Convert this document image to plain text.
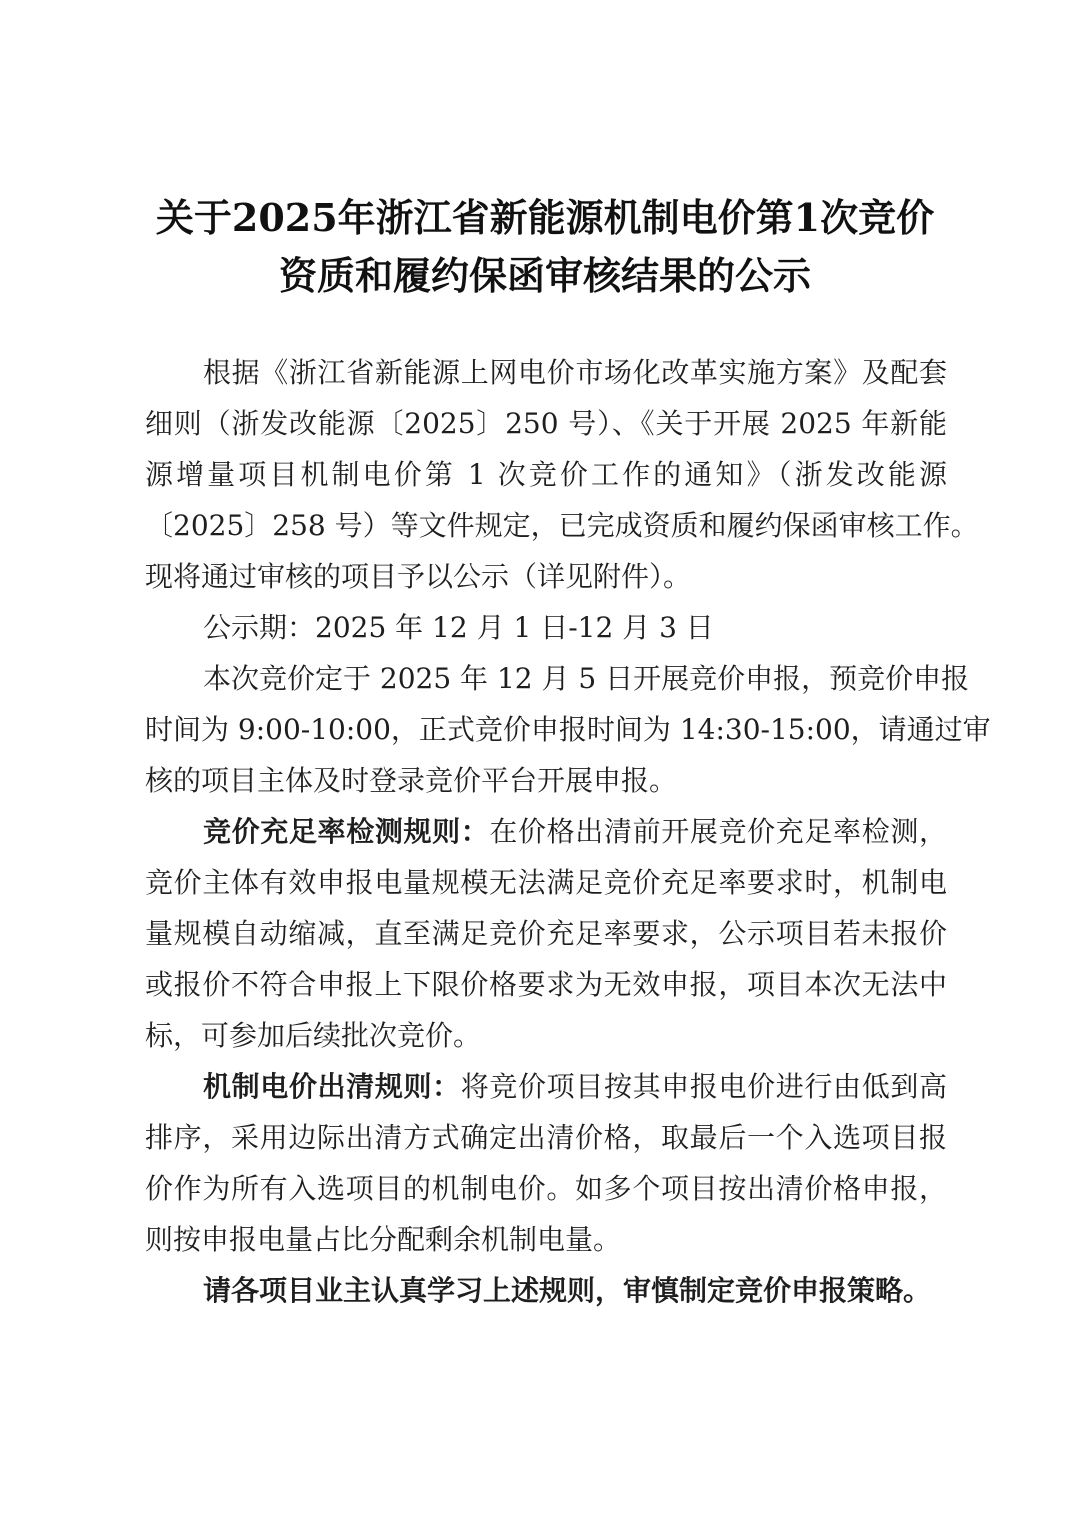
关于2025年浙江省新能源机制电价第1次竞价
资质和履约保函审核结果的公示
根据《浙江省新能源上网电价市场化改革实施方案》及配套
细则（浙发改能源〔2025〕250 号）、《关于开展 2025 年新能
源增量项目机制电价第 1 次竞价工作的通知》（浙发改能源
〔2025〕258 号）等文件规定，已完成资质和履约保函审核工作。
现将通过审核的项目予以公示（详见附件）。
公示期：2025 年 12 月 1 日-12 月 3 日
本次竞价定于 2025 年 12 月 5 日开展竞价申报，预竞价申报
时间为 9:00-10:00，正式竞价申报时间为 14:30-15:00，请通过审
核的项目主体及时登录竞价平台开展申报。
竞价充足率检测规则：在价格出清前开展竞价充足率检测，
竞价主体有效申报电量规模无法满足竞价充足率要求时，机制电
量规模自动缩减，直至满足竞价充足率要求，公示项目若未报价
或报价不符合申报上下限价格要求为无效申报，项目本次无法中
标，可参加后续批次竞价。
机制电价出清规则：将竞价项目按其申报电价进行由低到高
排序，采用边际出清方式确定出清价格，取最后一个入选项目报
价作为所有入选项目的机制电价。如多个项目按出清价格申报，
则按申报电量占比分配剩余机制电量。
请各项目业主认真学习上述规则，审慎制定竞价申报策略。
